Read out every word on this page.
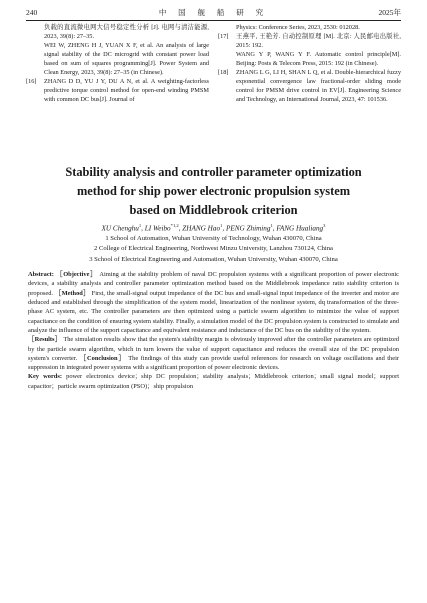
240	中 国 舰 船 研 究	2025年
负载的直流微电网大信号稳定性分析 [J]. 电网与清洁能源, 2023, 39(8): 27–35.
WEI W, ZHENG H J, YUAN X F, et al. An analysis of large signal stability of the DC microgrid with constant power load based on sum of squares programming[J]. Power System and Clean Energy, 2023, 39(8): 27–35 (in Chinese).
[16] ZHANG D D, YU J Y, DU A N, et al. A weighting-factorless predictive torque control method for open-end winding PMSM with common DC bus[J]. Journal of
Physics: Conference Series, 2023, 2530: 012028.
[17] 王燕平, 王艳芳. 自动控制原理 [M]. 北京: 人民邮电出版社, 2015: 192.
WANG Y P, WANG Y F. Automatic control principle[M]. Beijing: Posts & Telecom Press, 2015: 192 (in Chinese).
[18] ZHANG L G, LI H, SHAN L Q, et al. Double-hierarchical fuzzy exponential convergence law fractional-order sliding mode control for PMSM drive control in EV[J]. Engineering Science and Technology, an International Journal, 2023, 47: 101536.
Stability analysis and controller parameter optimization
method for ship power electronic propulsion system
based on Middlebrook criterion
XU Chenghu$^1$, LI Weibo$^{*1,2}$, ZHANG Hao$^1$, PENG Zhiming$^1$, FANG Hualiang$^3$
1 School of Automation, Wuhan University of Technology, Wuhan 430070, China
2 College of Electrical Engineering, Northwest Minzu University, Lanzhou 730124, China
3 School of Electrical Engineering and Automation, Wuhan University, Wuhan 430070, China
Abstract: ［Objective］ Aiming at the stability problem of naval DC propulsion systems with a significant proportion of power electronic devices, a stability analysis and controller parameter optimization method based on the Middlebrook impedance ratio stability criterion is proposed. ［Method］ First, the small-signal output impedance of the DC bus and small-signal input impedance of the inverter and motor are deduced and established through the simplification of the system model, linearization of the nonlinear system, dq transformation of the three-phase AC system, etc. The controller parameters are then optimized using a particle swarm algorithm to minimize the value of support capacitance on the condition of ensuring system stability. Finally, a simulation model of the DC propulsion system is constructed to simulate and analyze the influence of the support capacitance and equivalent resistance and inductance of the DC bus on the stability of the system.
［Results］ The simulation results show that the system's stability margin is obviously improved after the controller parameters are optimized by the particle swarm algorithm, which in turn lowers the value of support capacitance and reduces the overall size of the DC propulsion system's converter. ［Conclusion］ The findings of this study can provide useful references for research on voltage oscillations and their suppression in integrated power systems with a significant proportion of power electronic devices.
Key words: power electronics device；ship DC propulsion；stability analysis；Middlebrook criterion；small signal model；support capacitor；particle swarm optimization (PSO)；ship propulsion
